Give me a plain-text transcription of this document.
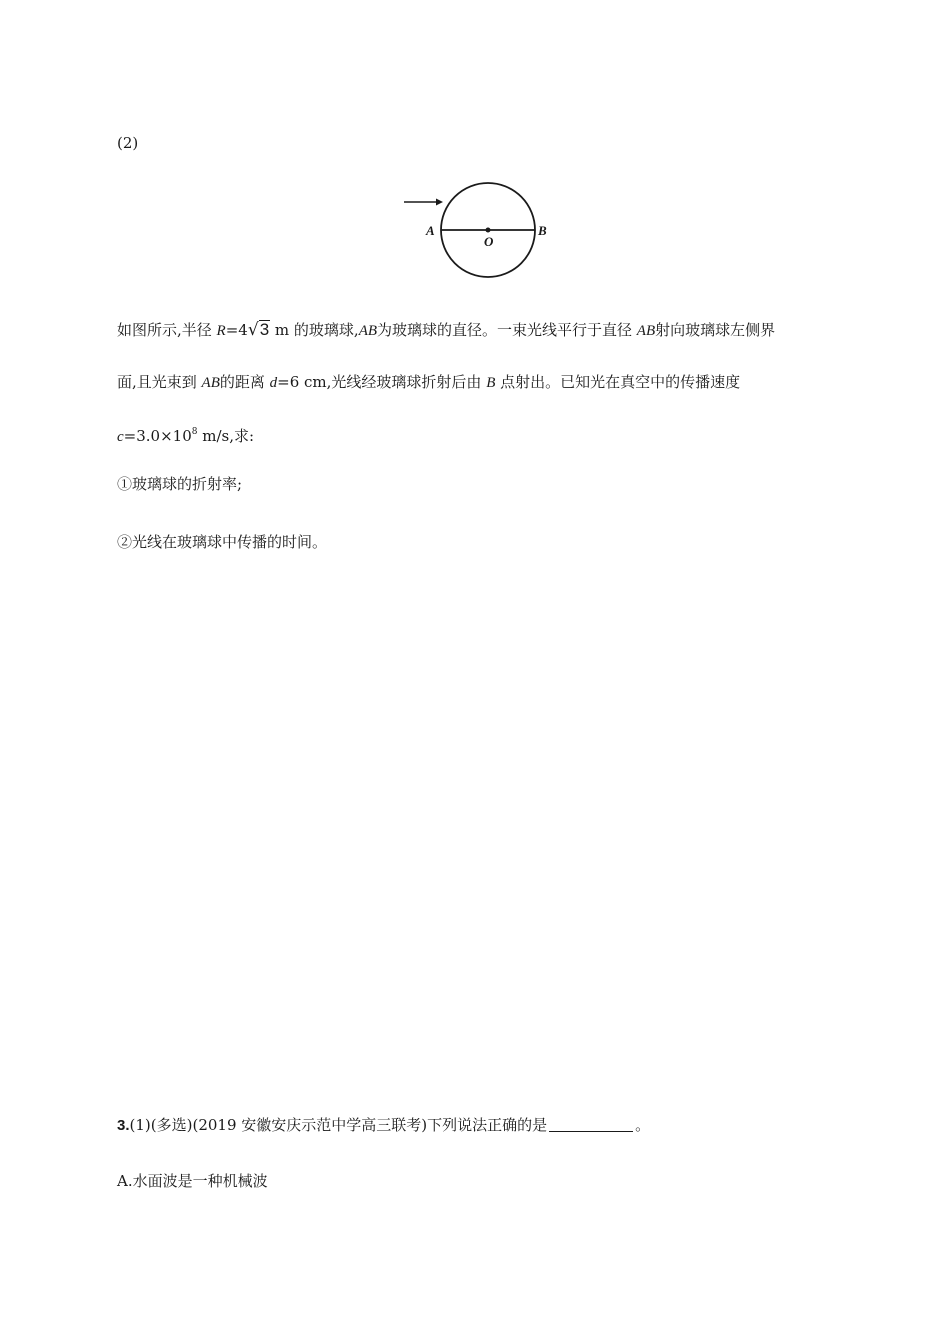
(2)
A
O
B
如图所示,半径 R=4√3 m 的玻璃球,AB为玻璃球的直径。一束光线平行于直径 AB射向玻璃球左侧界
面,且光束到 AB的距离 d=6 cm,光线经玻璃球折射后由 B 点射出。已知光在真空中的传播速度
$c=3.0\times 10^8$ m/s,求:
①玻璃球的折射率;
②光线在玻璃球中传播的时间。
3.(1)(多选)(2019 安徽安庆示范中学高三联考)下列说法正确的是	。
A.水面波是一种机械波
